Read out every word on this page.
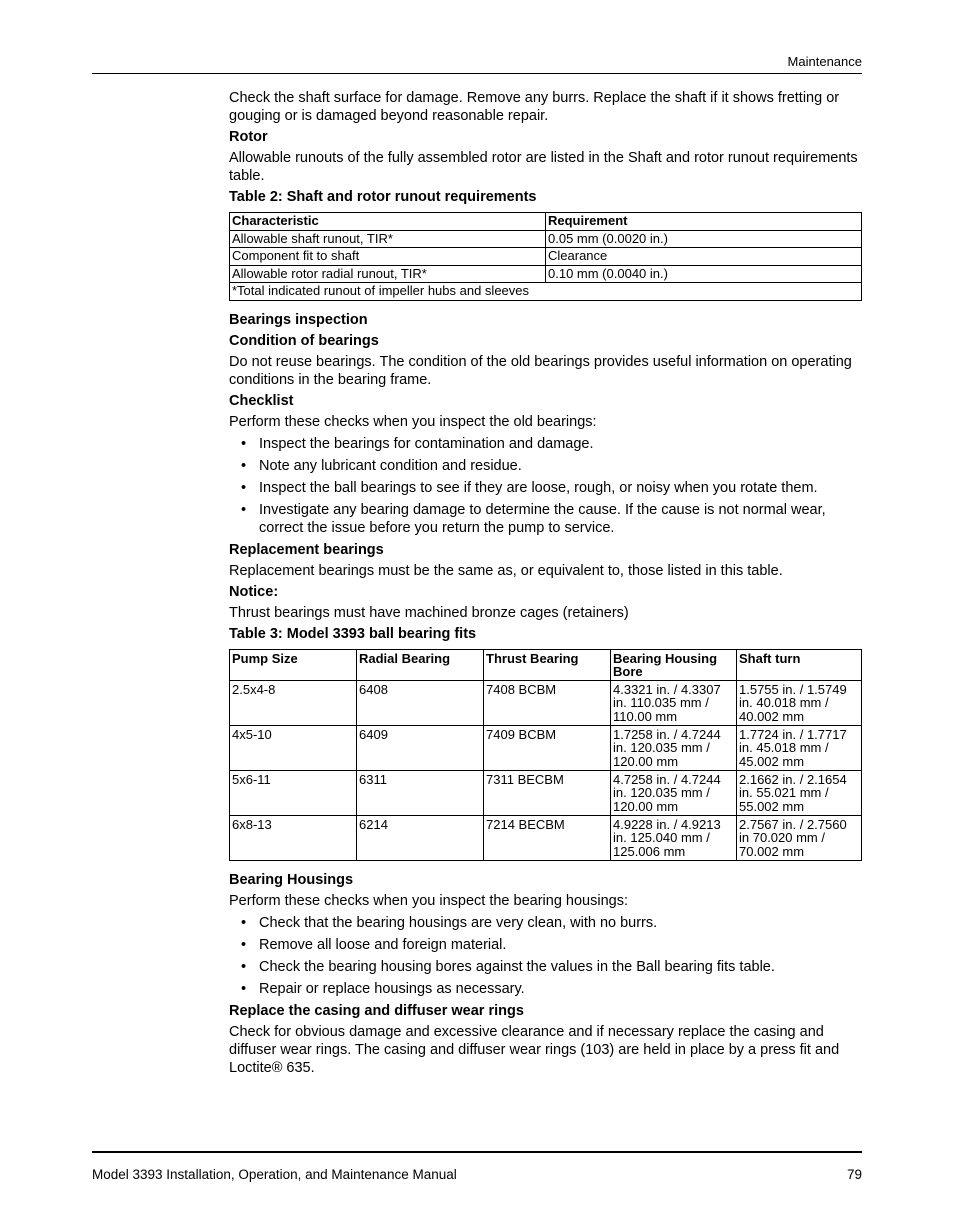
Maintenance

Check the shaft surface for damage. Remove any burrs. Replace the shaft if it shows fretting or gouging or is damaged beyond reasonable repair.

Rotor

Allowable runouts of the fully assembled rotor are listed in the Shaft and rotor runout requirements table.

Table 2: Shaft and rotor runout requirements

Characteristic	Requirement
Allowable shaft runout, TIR*	0.05 mm (0.0020 in.)
Component fit to shaft	Clearance
Allowable rotor radial runout, TIR*	0.10 mm (0.0040 in.)
*Total indicated runout of impeller hubs and sleeves	

Bearings inspection

Condition of bearings

Do not reuse bearings. The condition of the old bearings provides useful information on operating conditions in the bearing frame.

Checklist

Perform these checks when you inspect the old bearings:

• Inspect the bearings for contamination and damage.
• Note any lubricant condition and residue.
• Inspect the ball bearings to see if they are loose, rough, or noisy when you rotate them.
• Investigate any bearing damage to determine the cause. If the cause is not normal wear, correct the issue before you return the pump to service.

Replacement bearings

Replacement bearings must be the same as, or equivalent to, those listed in this table.

Notice:

Thrust bearings must have machined bronze cages (retainers)

Table 3: Model 3393 ball bearing fits

Pump Size	Radial Bearing	Thrust Bearing	Bearing Housing Bore	Shaft turn
2.5x4-8	6408	7408 BCBM	4.3321 in. / 4.3307 in. 110.035 mm / 110.00 mm	1.5755 in. / 1.5749 in. 40.018 mm / 40.002 mm
4x5-10	6409	7409 BCBM	1.7258 in. / 4.7244 in. 120.035 mm / 120.00 mm	1.7724 in. / 1.7717 in. 45.018 mm / 45.002 mm
5x6-11	6311	7311 BECBM	4.7258 in. / 4.7244 in. 120.035 mm / 120.00 mm	2.1662 in. / 2.1654 in. 55.021 mm / 55.002 mm
6x8-13	6214	7214 BECBM	4.9228 in. / 4.9213 in. 125.040 mm / 125.006 mm	2.7567 in. / 2.7560 in 70.020 mm / 70.002 mm

Bearing Housings

Perform these checks when you inspect the bearing housings:

• Check that the bearing housings are very clean, with no burrs.
• Remove all loose and foreign material.
• Check the bearing housing bores against the values in the Ball bearing fits table.
• Repair or replace housings as necessary.

Replace the casing and diffuser wear rings

Check for obvious damage and excessive clearance and if necessary replace the casing and diffuser wear rings. The casing and diffuser wear rings (103) are held in place by a press fit and Loctite® 635.

Model 3393 Installation, Operation, and Maintenance Manual	79
